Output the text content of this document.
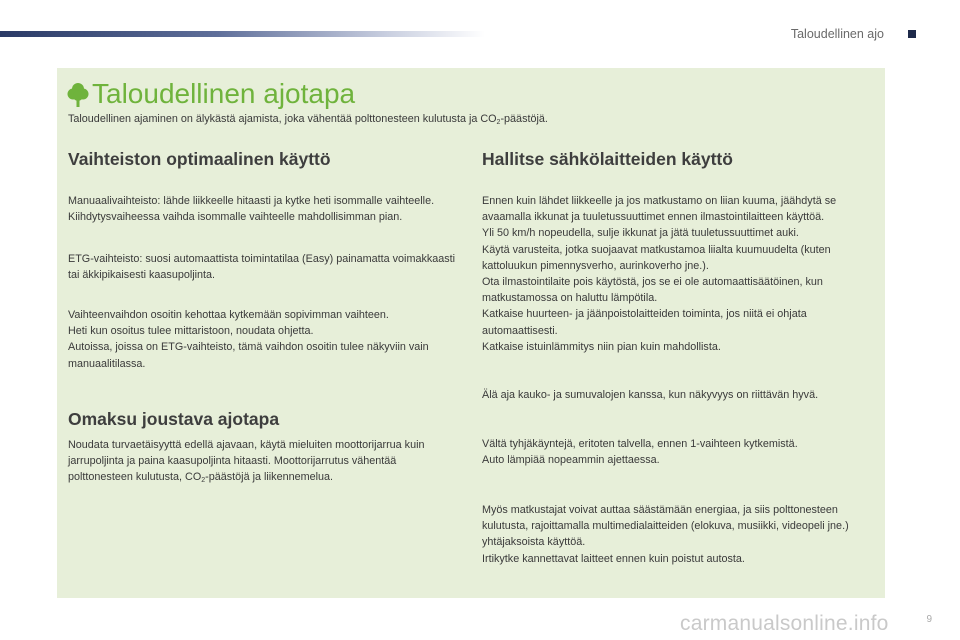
Taloudellinen ajo
Taloudellinen ajotapa

Taloudellinen ajaminen on älykästä ajamista, joka vähentää polttonesteen kulutusta ja $CO_2$-päästöjä.

Vaihteiston optimaalinen käyttö

Manuaalivaihteisto: lähde liikkeelle hitaasti ja kytke heti isommalle vaihteelle. Kiihdytysvaiheessa vaihda isommalle vaihteelle mahdollisimman pian.

ETG-vaihteisto: suosi automaattista toimintatilaa (Easy) painamatta voimakkaasti tai äkkipikaisesti kaasupoljinta.

Vaihteenvaihdon osoitin kehottaa kytkemään sopivimman vaihteen.

Heti kun osoitus tulee mittaristoon, noudata ohjetta.

Autoissa, joissa on ETG-vaihteisto, tämä vaihdon osoitin tulee näkyviin vain manuaalitilassa.

Omaksu joustava ajotapa

Noudata turvaetäisyyttä edellä ajavaan, käytä mieluiten moottorijarrua kuin jarrupoljinta ja paina kaasupoljinta hitaasti. Moottorijarrutus vähentää polttonesteen kulutusta, $CO_2$-päästöjä ja liikennemelua.

Hallitse sähkölaitteiden käyttö

Ennen kuin lähdet liikkeelle ja jos matkustamo on liian kuuma, jäähdytä se avaamalla ikkunat ja tuuletussuuttimet ennen ilmastointilaitteen käyttöä.

Yli 50 km/h nopeudella, sulje ikkunat ja jätä tuuletussuuttimet auki.

Käytä varusteita, jotka suojaavat matkustamoa liialta kuumuudelta (kuten kattoluukun pimennysverho, aurinkoverho jne.).

Ota ilmastointilaite pois käytöstä, jos se ei ole automaattisäätöinen, kun matkustamossa on haluttu lämpötila.

Katkaise huurteen- ja jäänpoistolaitteiden toiminta, jos niitä ei ohjata automaattisesti.

Katkaise istuinlämmitys niin pian kuin mahdollista.

Älä aja kauko- ja sumuvalojen kanssa, kun näkyvyys on riittävän hyvä.

Vältä tyhjäkäyntejä, eritoten talvella, ennen 1-vaihteen kytkemistä.

Auto lämpiää nopeammin ajettaessa.

Myös matkustajat voivat auttaa säästämään energiaa, ja siis polttonesteen kulutusta, rajoittamalla multimedialaitteiden (elokuva, musiikki, videopeli jne.) yhtäjaksoista käyttöä.

Irtikytke kannettavat laitteet ennen kuin poistut autosta.

carmanualsonline.info	9
